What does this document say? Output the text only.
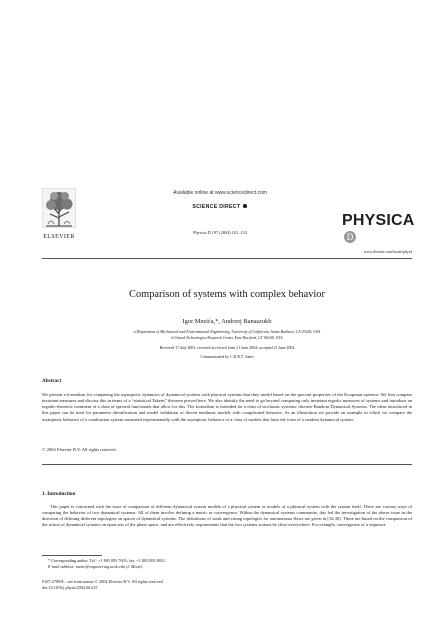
ELSEVIER
Available online at www.sciencedirect.com
SCIENCE DIRECT
Physica D 197 (2004) 101–133
PHYSICAD
www.elsevier.com/locate/physd
Comparison of systems with complex behavior
Igor Mezića,*, Andrzej Banaszukb
a Department of Mechanical and Environmental Engineering, University of California, Santa Barbara, CA 93106, USA
b United Technologies Research Center, East Hartford, CT 06108, USA
Received 17 July 2003; received in revised form 21 June 2004; accepted 21 June 2004
Communicated by C.K.R.T. Jones
Abstract
We present a formalism for comparing the asymptotic dynamics of dynamical systems with physical systems that they model based on the spectral properties of the Koopman operator. We first compare invariant measures and discuss this in terms of a “statistical Takens” theorem proved here. We also identify the need to go beyond comparing only invariant ergodic measures of systems and introduce an ergodic-theoretic treatment of a class of spectral functionals that allow for this. The formalism is extended for a class of stochastic systems: discrete Random Dynamical Systems. The ideas introduced in this paper can be used for parameter identification and model validation of driven nonlinear models with complicated behavior. As an illustration we provide an example in which we compare the asymptotic behavior of a combustion system measured experimentally with the asymptotic behavior of a class of models that have the form of a random dynamical system.
© 2004 Elsevier B.V. All rights reserved.
1. Introduction
This paper is concerned with the issue of comparison of different dynamical system models of a physical system or models of a physical system with the system itself. There are various ways of comparing the behavior of two dynamical systems. All of them involve defining a metric or convergence. Within the dynamical systems community, this led the investigation of the above issue in the direction of defining different topologies on spaces of dynamical systems. The definitions of weak and strong topologies for autonomous flows are given in [16,30]. These are based on the comparison of the action of dynamical systems on open sets of the phase space, and are effectively requirements that the two systems actions be close everywhere. For example, convergence of a sequence
* Corresponding author. Tel.: +1 805 893 7603; fax: +1 805 893 8651.
E-mail address: mezic@engineering.ucsb.edu (I. Mezić).
0167-2789/$ – see front matter © 2004 Elsevier B.V. All rights reserved.
doi:10.1016/j.physd.2004.06.015
